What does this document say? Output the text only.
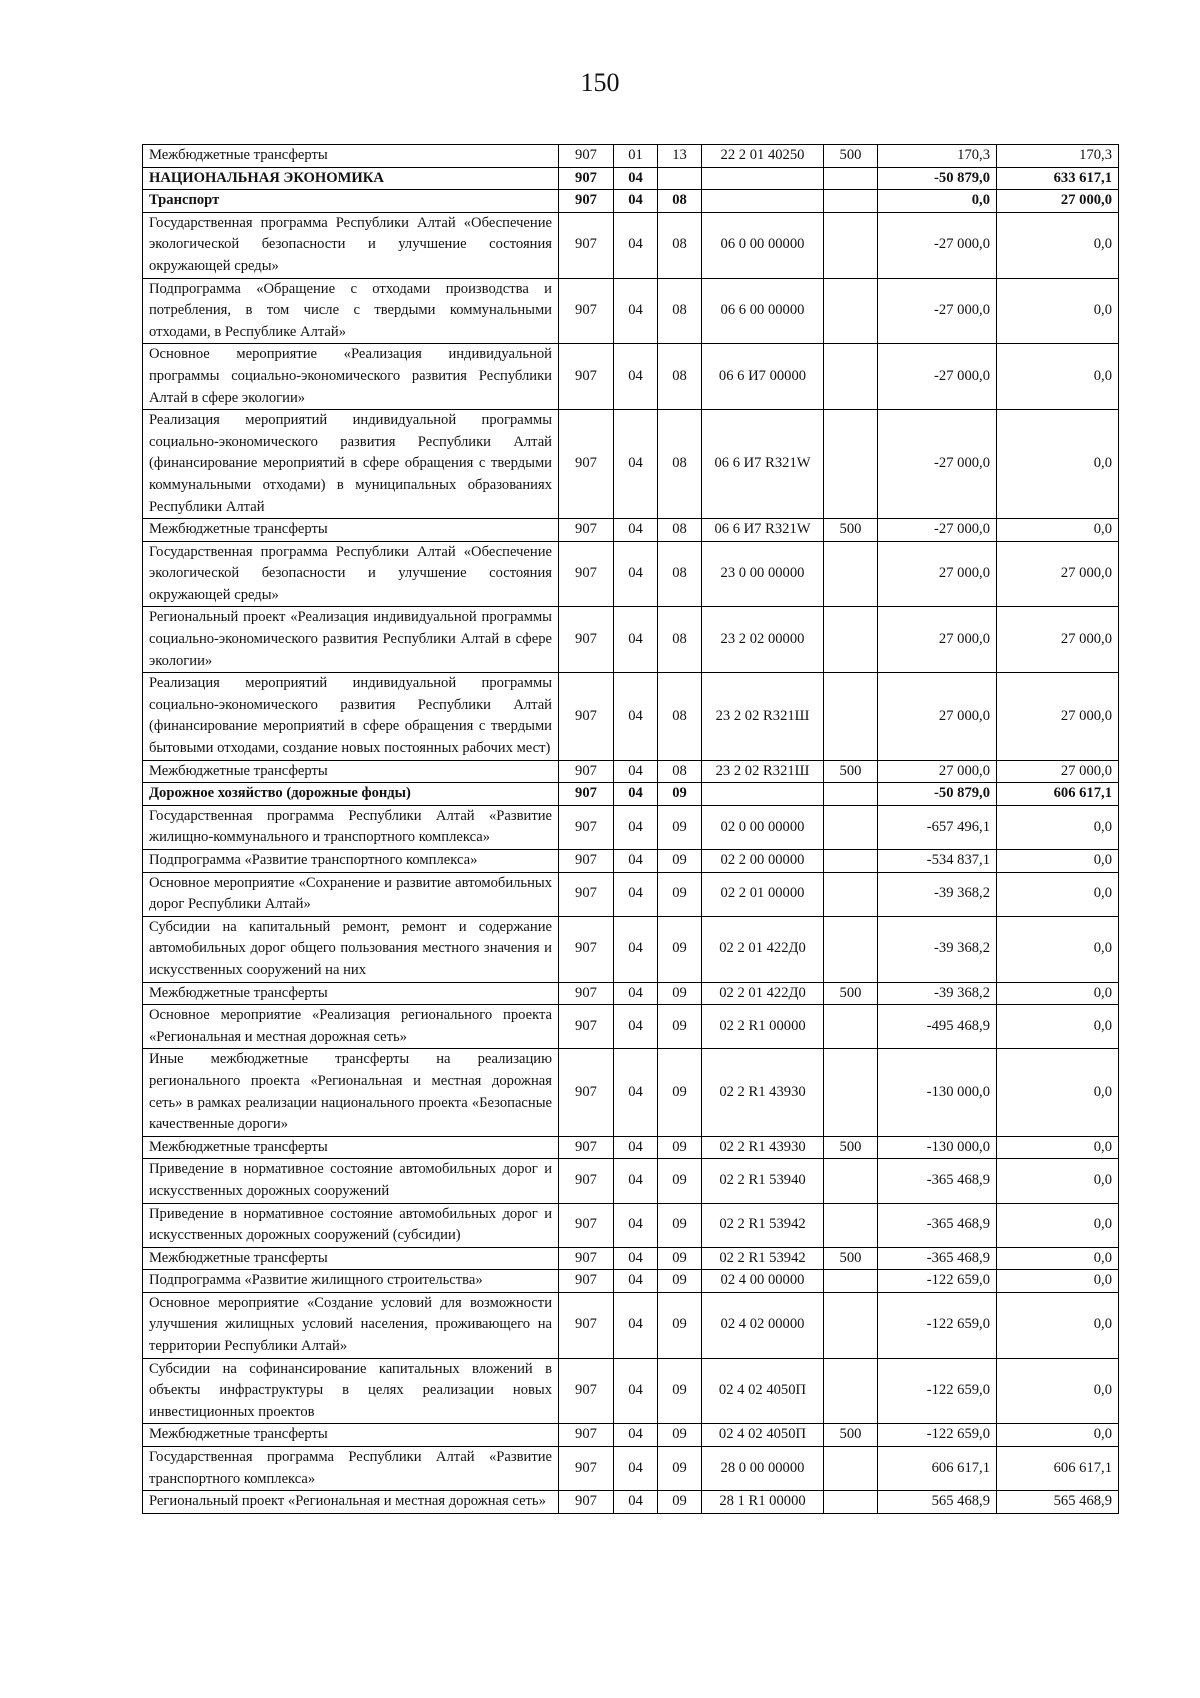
150
Межбюджетные трансферты	907	01	13	22 2 01 40250	500	170,3	170,3
НАЦИОНАЛЬНАЯ ЭКОНОМИКА	907	04				-50 879,0	633 617,1
Транспорт	907	04	08			0,0	27 000,0
Государственная программа Республики Алтай «Обеспечение экологической безопасности и улучшение состояния окружающей среды»	907	04	08	06 0 00 00000		-27 000,0	0,0
Подпрограмма «Обращение с отходами производства и потребления, в том числе с твердыми коммунальными отходами, в Республике Алтай»	907	04	08	06 6 00 00000		-27 000,0	0,0
Основное мероприятие «Реализация индивидуальной программы социально-экономического развития Республики Алтай в сфере экологии»	907	04	08	06 6 И7 00000		-27 000,0	0,0
Реализация мероприятий индивидуальной программы социально-экономического развития Республики Алтай (финансирование мероприятий в сфере обращения с твердыми коммунальными отходами) в муниципальных образованиях Республики Алтай	907	04	08	06 6 И7 R321W		-27 000,0	0,0
Межбюджетные трансферты	907	04	08	06 6 И7 R321W	500	-27 000,0	0,0
Государственная программа Республики Алтай «Обеспечение экологической безопасности и улучшение состояния окружающей среды»	907	04	08	23 0 00 00000		27 000,0	27 000,0
Региональный проект «Реализация индивидуальной программы социально-экономического развития Республики Алтай в сфере экологии»	907	04	08	23 2 02 00000		27 000,0	27 000,0
Реализация мероприятий индивидуальной программы социально-экономического развития Республики Алтай (финансирование мероприятий в сфере обращения с твердыми бытовыми отходами, создание новых постоянных рабочих мест)	907	04	08	23 2 02 R321Ш		27 000,0	27 000,0
Межбюджетные трансферты	907	04	08	23 2 02 R321Ш	500	27 000,0	27 000,0
Дорожное хозяйство (дорожные фонды)	907	04	09			-50 879,0	606 617,1
Государственная программа Республики Алтай «Развитие жилищно-коммунального и транспортного комплекса»	907	04	09	02 0 00 00000		-657 496,1	0,0
Подпрограмма «Развитие транспортного комплекса»	907	04	09	02 2 00 00000		-534 837,1	0,0
Основное мероприятие «Сохранение и развитие автомобильных дорог Республики Алтай»	907	04	09	02 2 01 00000		-39 368,2	0,0
Субсидии на капитальный ремонт, ремонт и содержание автомобильных дорог общего пользования местного значения и искусственных сооружений на них	907	04	09	02 2 01 422Д0		-39 368,2	0,0
Межбюджетные трансферты	907	04	09	02 2 01 422Д0	500	-39 368,2	0,0
Основное мероприятие «Реализация регионального проекта «Региональная и местная дорожная сеть»	907	04	09	02 2 R1 00000		-495 468,9	0,0
Иные межбюджетные трансферты на реализацию регионального проекта «Региональная и местная дорожная сеть» в рамках реализации национального проекта «Безопасные качественные дороги»	907	04	09	02 2 R1 43930		-130 000,0	0,0
Межбюджетные трансферты	907	04	09	02 2 R1 43930	500	-130 000,0	0,0
Приведение в нормативное состояние автомобильных дорог и искусственных дорожных сооружений	907	04	09	02 2 R1 53940		-365 468,9	0,0
Приведение в нормативное состояние автомобильных дорог и искусственных дорожных сооружений (субсидии)	907	04	09	02 2 R1 53942		-365 468,9	0,0
Межбюджетные трансферты	907	04	09	02 2 R1 53942	500	-365 468,9	0,0
Подпрограмма «Развитие жилищного строительства»	907	04	09	02 4 00 00000		-122 659,0	0,0
Основное мероприятие «Создание условий для возможности улучшения жилищных условий населения, проживающего на территории Республики Алтай»	907	04	09	02 4 02 00000		-122 659,0	0,0
Субсидии на софинансирование капитальных вложений в объекты инфраструктуры в целях реализации новых инвестиционных проектов	907	04	09	02 4 02 4050П		-122 659,0	0,0
Межбюджетные трансферты	907	04	09	02 4 02 4050П	500	-122 659,0	0,0
Государственная программа Республики Алтай «Развитие транспортного комплекса»	907	04	09	28 0 00 00000		606 617,1	606 617,1
Региональный проект «Региональная и местная дорожная сеть»	907	04	09	28 1 R1 00000		565 468,9	565 468,9
